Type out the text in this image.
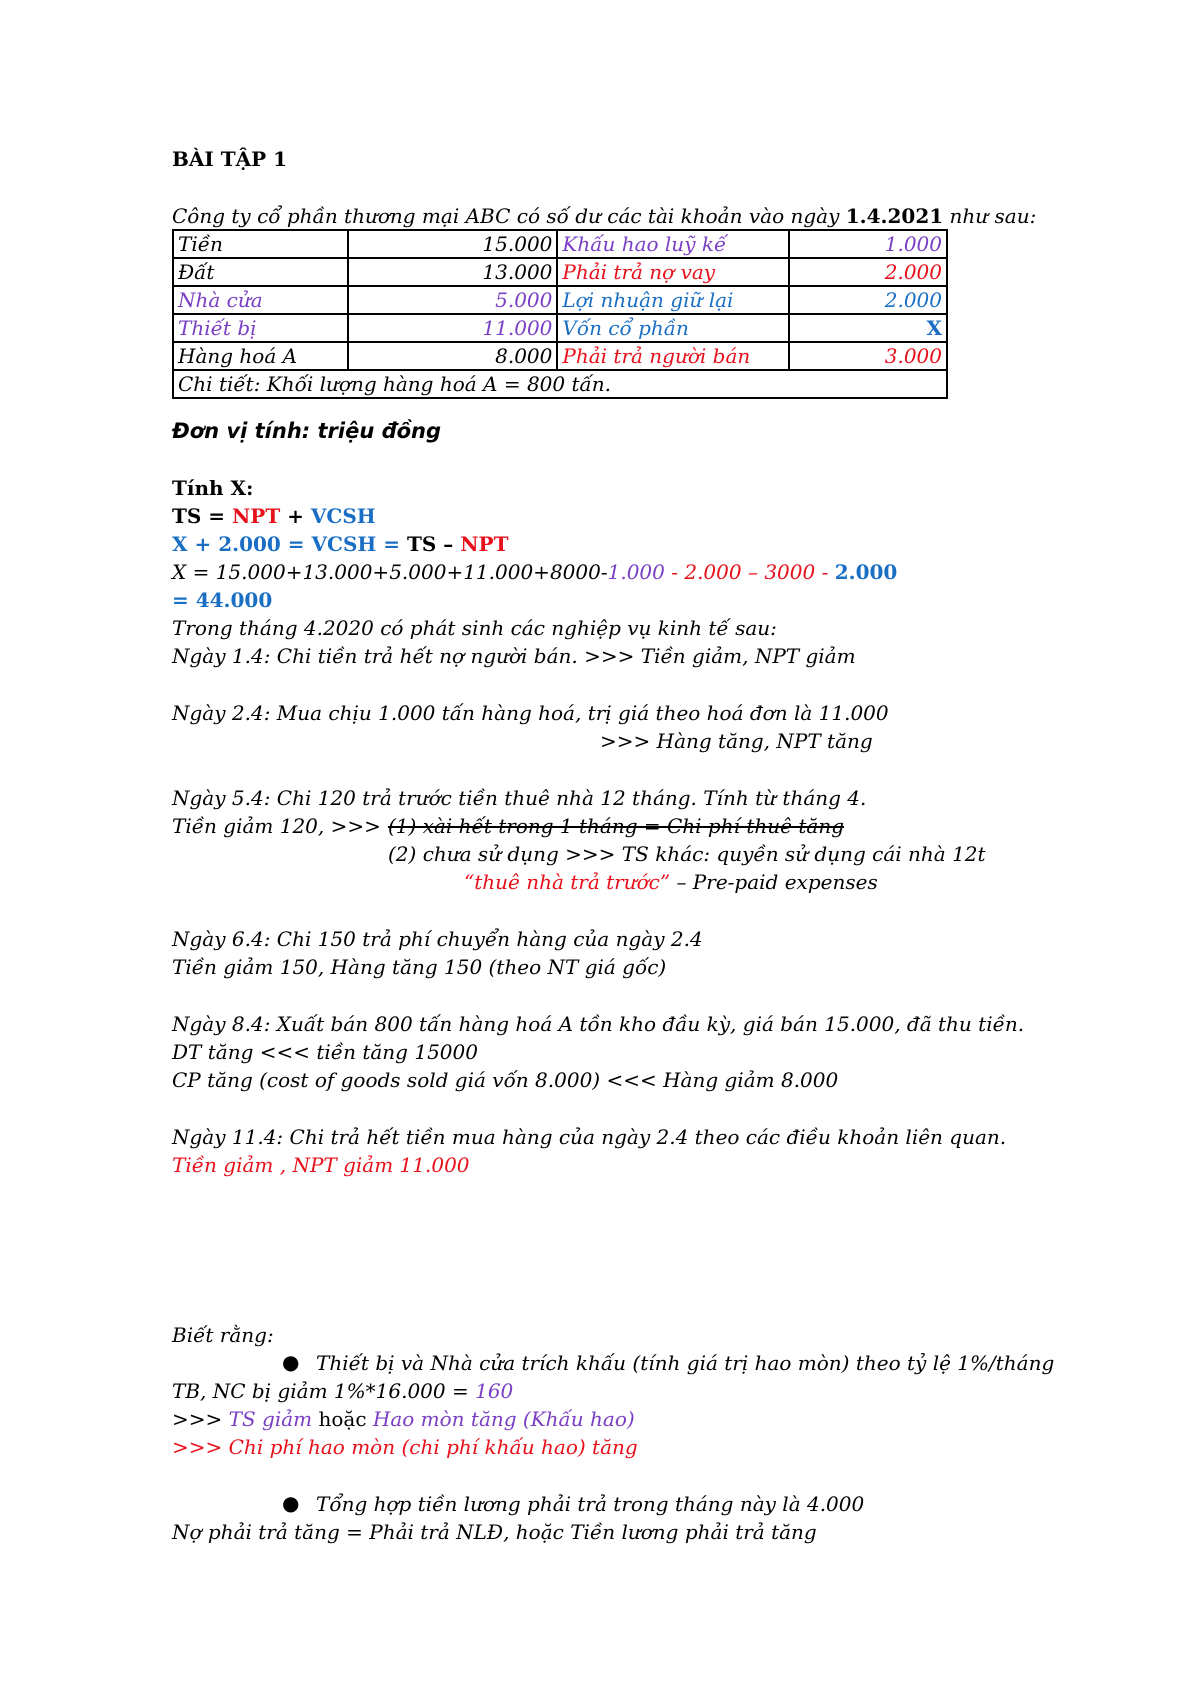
BÀI TẬP 1
Công ty cổ phần thương mại ABC có số dư các tài khoản vào ngày 1.4.2021 như sau:
Tiền	15.000	Khấu hao luỹ kế	1.000
Đất	13.000	Phải trả nợ vay	2.000
Nhà cửa	5.000	Lợi nhuận giữ lại	2.000
Thiết bị	11.000	Vốn cổ phần	X
Hàng hoá A	8.000	Phải trả người bán	3.000
Chi tiết: Khối lượng hàng hoá A = 800 tấn.			
Đơn vị tính: triệu đồng
Tính X:
TS = NPT + VCSH
X + 2.000 = VCSH = TS – NPT
X = 15.000+13.000+5.000+11.000+8000-1.000 - 2.000 – 3000 - 2.000
= 44.000
Trong tháng 4.2020 có phát sinh các nghiệp vụ kinh tế sau:
Ngày 1.4: Chi tiền trả hết nợ người bán. >>> Tiền giảm, NPT giảm
Ngày 2.4: Mua chịu 1.000 tấn hàng hoá, trị giá theo hoá đơn là 11.000
>>> Hàng tăng, NPT tăng
Ngày 5.4: Chi 120 trả trước tiền thuê nhà 12 tháng. Tính từ tháng 4.
Tiền giảm 120, >>> (1) xài hết trong 1 tháng = Chi phí thuê tăng
(2) chưa sử dụng >>> TS khác: quyền sử dụng cái nhà 12t
“thuê nhà trả trước” – Pre-paid expenses
Ngày 6.4: Chi 150 trả phí chuyển hàng của ngày 2.4
Tiền giảm 150, Hàng tăng 150 (theo NT giá gốc)
Ngày 8.4: Xuất bán 800 tấn hàng hoá A tồn kho đầu kỳ, giá bán 15.000, đã thu tiền.
DT tăng <<< tiền tăng 15000
CP tăng (cost of goods sold giá vốn 8.000) <<< Hàng giảm 8.000
Ngày 11.4: Chi trả hết tiền mua hàng của ngày 2.4 theo các điều khoản liên quan.
Tiền giảm , NPT giảm 11.000
Biết rằng:
● Thiết bị và Nhà cửa trích khấu (tính giá trị hao mòn) theo tỷ lệ 1%/tháng
TB, NC bị giảm 1%*16.000 = 160
>>> TS giảm hoặc Hao mòn tăng (Khấu hao)
>>> Chi phí hao mòn (chi phí khấu hao) tăng
● Tổng hợp tiền lương phải trả trong tháng này là 4.000
Nợ phải trả tăng = Phải trả NLĐ, hoặc Tiền lương phải trả tăng
